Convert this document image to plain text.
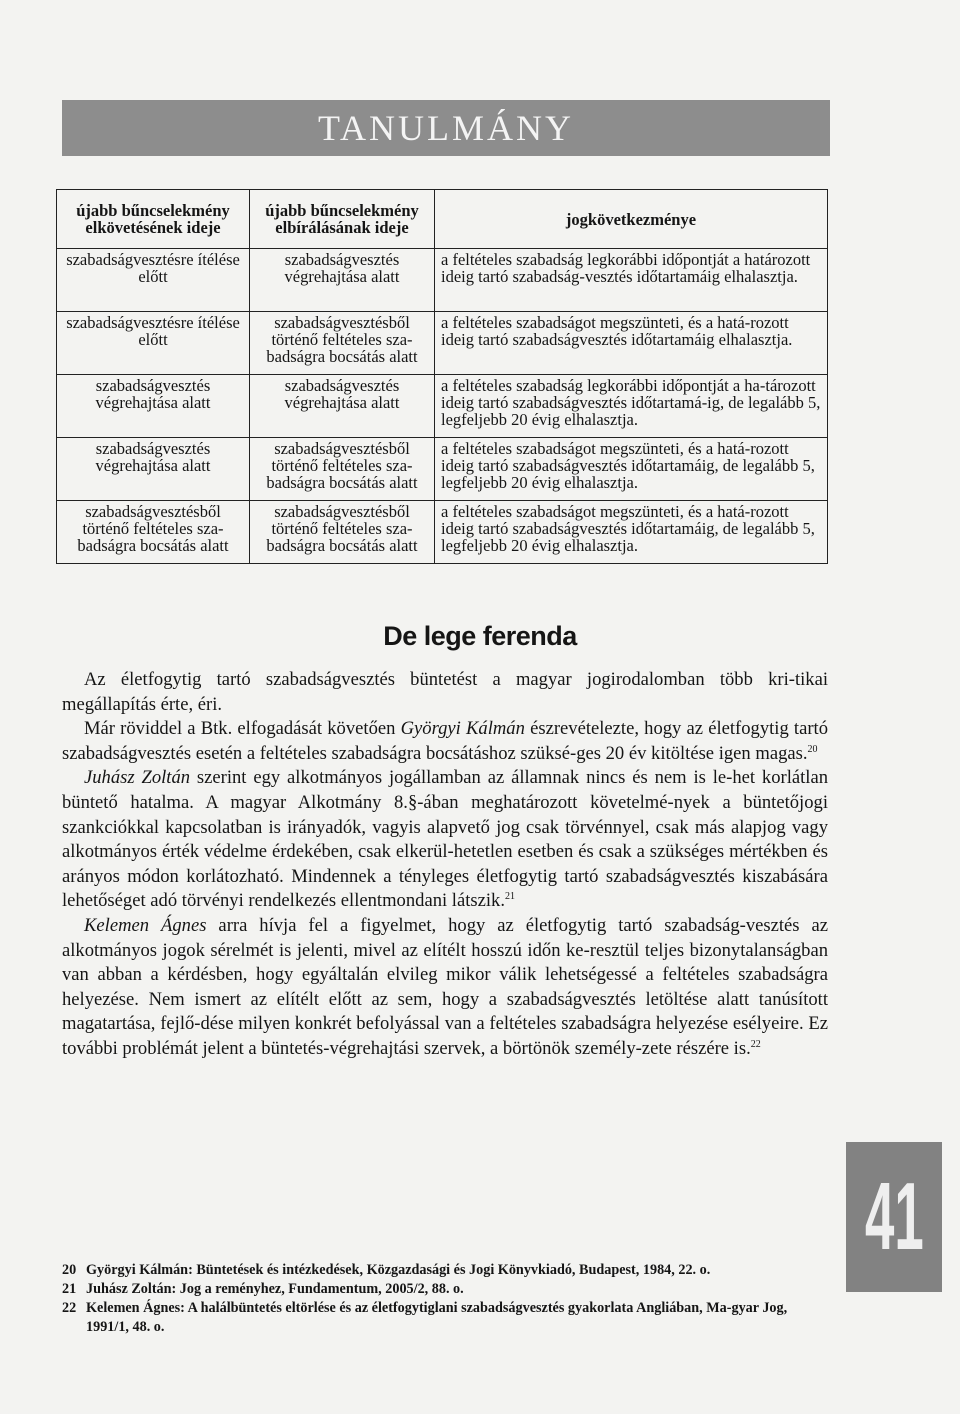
TANULMÁNY
újabb bűncselekmény elkövetésének ideje	újabb bűncselekmény elbírálásának ideje	jogkövetkezménye
szabadságvesztésre ítélése előtt	szabadságvesztés végrehajtása alatt	a feltételes szabadság legkorábbi időpontját a határozott ideig tartó szabadság-vesztés időtartamáig elhalasztja.
szabadságvesztésre ítélése előtt	szabadságvesztésből történő feltételes sza-badságra bocsátás alatt	a feltételes szabadságot megszünteti, és a hatá-rozott ideig tartó szabadságvesztés időtartamáig elhalasztja.
szabadságvesztés végrehajtása alatt	szabadságvesztés végrehajtása alatt	a feltételes szabadság legkorábbi időpontját a ha-tározott ideig tartó szabadságvesztés időtartamá-ig, de legalább 5, legfeljebb 20 évig elhalasztja.
szabadságvesztés végrehajtása alatt	szabadságvesztésből történő feltételes sza-badságra bocsátás alatt	a feltételes szabadságot megszünteti, és a hatá-rozott ideig tartó szabadságvesztés időtartamáig, de legalább 5, legfeljebb 20 évig elhalasztja.
szabadságvesztésből történő feltételes sza-badságra bocsátás alatt	szabadságvesztésből történő feltételes sza-badságra bocsátás alatt	a feltételes szabadságot megszünteti, és a hatá-rozott ideig tartó szabadságvesztés időtartamáig, de legalább 5, legfeljebb 20 évig elhalasztja.
De lege ferenda

Az életfogytig tartó szabadságvesztés büntetést a magyar jogirodalomban több kri-tikai megállapítás érte, éri.

Már röviddel a Btk. elfogadását követően Györgyi Kálmán észrevételezte, hogy az életfogytig tartó szabadságvesztés esetén a feltételes szabadságra bocsátáshoz szüksé-ges 20 év kitöltése igen magas.$^{20}$

Juhász Zoltán szerint egy alkotmányos jogállamban az államnak nincs és nem is le-het korlátlan büntető hatalma. A magyar Alkotmány 8.§-ában meghatározott követelmé-nyek a büntetőjogi szankciókkal kapcsolatban is irányadók, vagyis alapvető jog csak törvénnyel, csak más alapjog vagy alkotmányos érték védelme érdekében, csak elkerül-hetetlen esetben és csak a szükséges mértékben és arányos módon korlátozható. Mindennek a tényleges életfogytig tartó szabadságvesztés kiszabására lehetőséget adó törvényi rendelkezés ellentmondani látszik.$^{21}$

Kelemen Ágnes arra hívja fel a figyelmet, hogy az életfogytig tartó szabadság-vesztés az alkotmányos jogok sérelmét is jelenti, mivel az elítélt hosszú időn ke-resztül teljes bizonytalanságban van abban a kérdésben, hogy egyáltalán elvileg mikor válik lehetségessé a feltételes szabadságra helyezése. Nem ismert az elítélt előtt az sem, hogy a szabadságvesztés letöltése alatt tanúsított magatartása, fejlő-dése milyen konkrét befolyással van a feltételes szabadságra helyezése esélyeire. Ez további problémát jelent a büntetés-végrehajtási szervek, a börtönök személy-zete részére is.$^{22}$

20 Györgyi Kálmán: Büntetések és intézkedések, Közgazdasági és Jogi Könyvkiadó, Budapest, 1984, 22. o.
21 Juhász Zoltán: Jog a reményhez, Fundamentum, 2005/2, 88. o.
22 Kelemen Ágnes: A halálbüntetés eltörlése és az életfogytiglani szabadságvesztés gyakorlata Angliában, Ma-gyar Jog, 1991/1, 48. o.
41
